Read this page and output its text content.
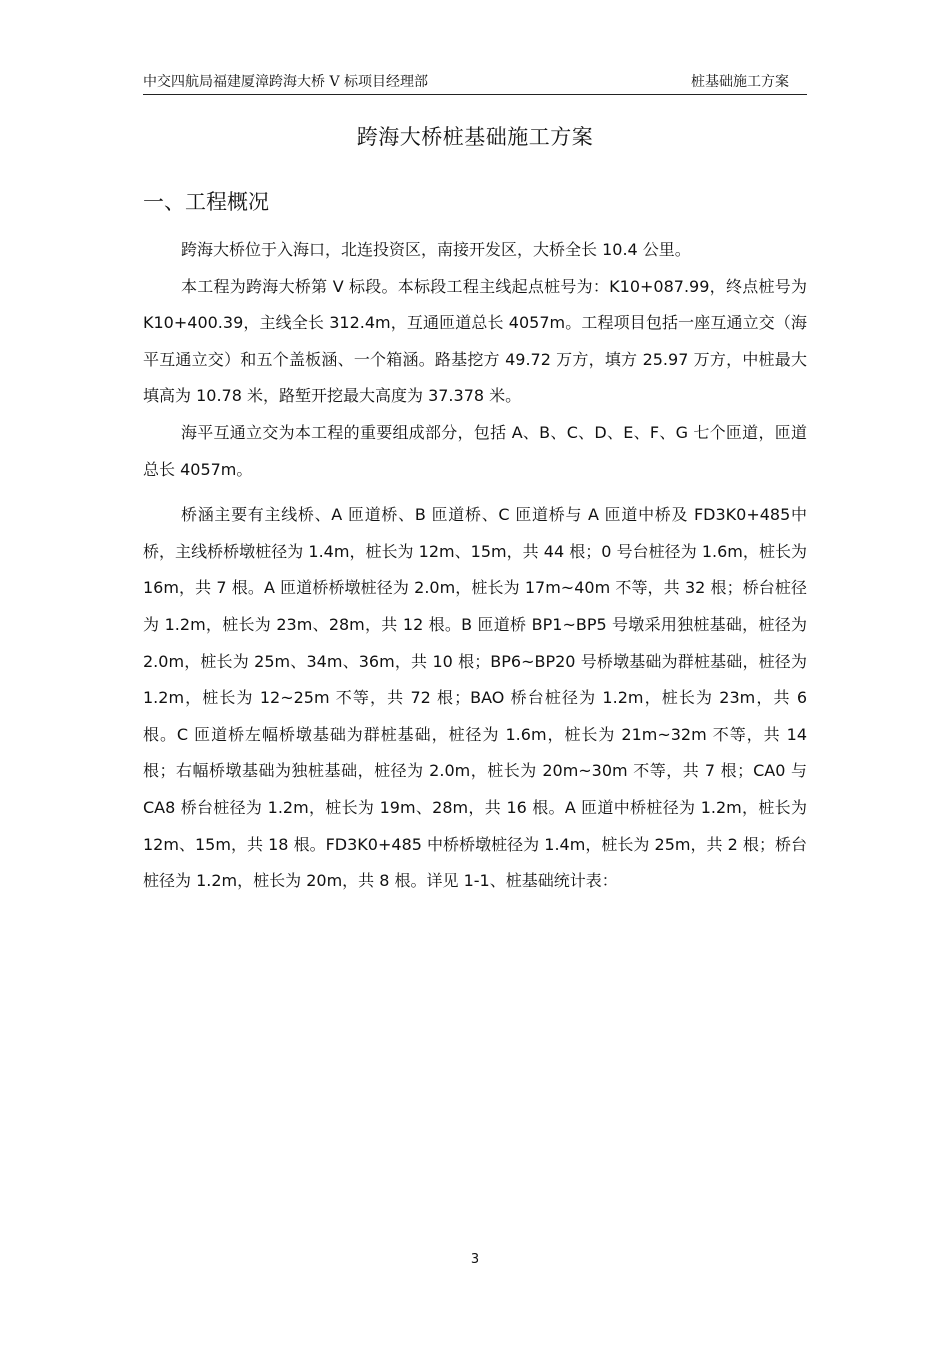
中交四航局福建厦漳跨海大桥 V 标项目经理部	桩基础施工方案
跨海大桥桩基础施工方案
一、工程概况

跨海大桥位于入海口，北连投资区，南接开发区，大桥全长 10.4 公里。

本工程为跨海大桥第 V 标段。本标段工程主线起点桩号为：K10+087.99，终点桩号为 K10+400.39，主线全长 312.4m，互通匝道总长 4057m。工程项目包括一座互通立交（海平互通立交）和五个盖板涵、一个箱涵。路基挖方 49.72 万方，填方 25.97 万方，中桩最大填高为 10.78 米，路堑开挖最大高度为 37.378 米。

海平互通立交为本工程的重要组成部分，包括 A、B、C、D、E、F、G 七个匝道，匝道总长 4057m。

桥涵主要有主线桥、A 匝道桥、B 匝道桥、C 匝道桥与 A 匝道中桥及 FD3K0+485中桥，主线桥桥墩桩径为 1.4m，桩长为 12m、15m，共 44 根；0 号台桩径为 1.6m，桩长为 16m，共 7 根。A 匝道桥桥墩桩径为 2.0m，桩长为 17m~40m 不等，共 32 根；桥台桩径为 1.2m，桩长为 23m、28m，共 12 根。B 匝道桥 BP1~BP5 号墩采用独桩基础，桩径为 2.0m，桩长为 25m、34m、36m，共 10 根；BP6~BP20 号桥墩基础为群桩基础，桩径为 1.2m，桩长为 12~25m 不等，共 72 根；BAO 桥台桩径为 1.2m，桩长为 23m，共 6 根。C 匝道桥左幅桥墩基础为群桩基础，桩径为 1.6m，桩长为 21m~32m 不等，共 14 根；右幅桥墩基础为独桩基础，桩径为 2.0m，桩长为 20m~30m 不等，共 7 根；CA0 与 CA8 桥台桩径为 1.2m，桩长为 19m、28m，共 16 根。A 匝道中桥桩径为 1.2m，桩长为 12m、15m，共 18 根。FD3K0+485 中桥桥墩桩径为 1.4m，桩长为 25m，共 2 根；桥台桩径为 1.2m，桩长为 20m，共 8 根。详见 1-1、桩基础统计表：

3
